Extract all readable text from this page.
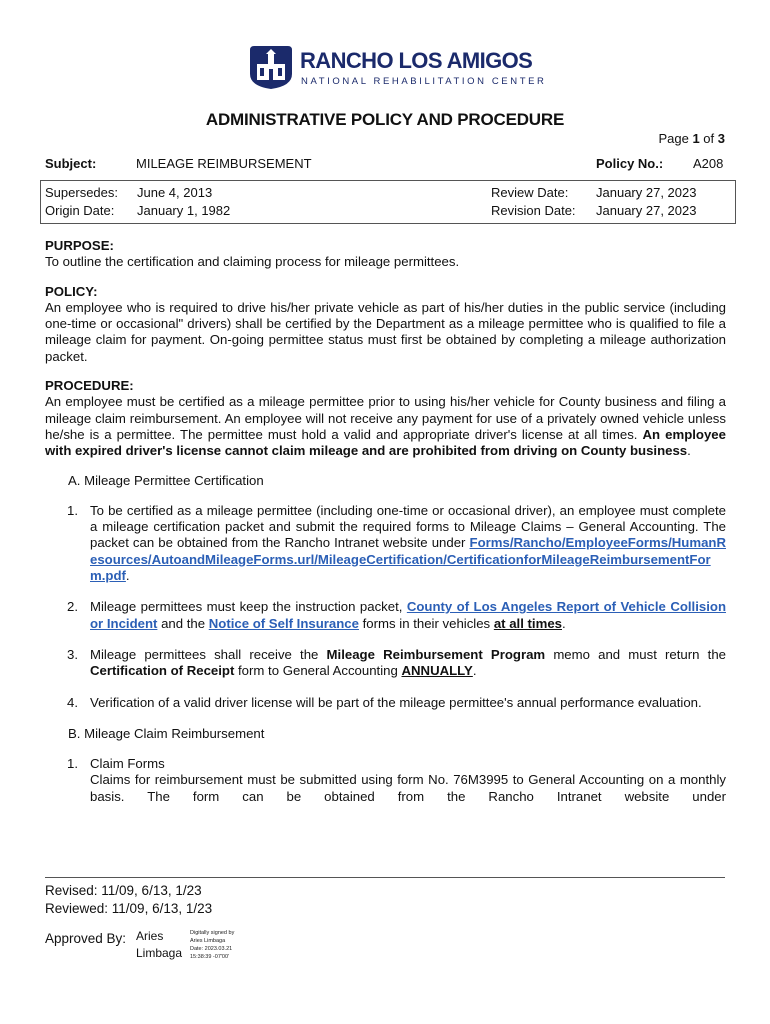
RANCHO LOS AMIGOS
NATIONAL REHABILITATION CENTER
ADMINISTRATIVE POLICY AND PROCEDURE
Page 1 of 3
Subject:	MILEAGE REIMBURSEMENT	Policy No.: A208
Supersedes: June 4, 2013
Origin Date: January 1, 1982
Review Date: January 27, 2023
Revision Date: January 27, 2023

PURPOSE:

To outline the certification and claiming process for mileage permittees.

POLICY:

An employee who is required to drive his/her private vehicle as part of his/her duties in the public service (including one-time or occasional" drivers) shall be certified by the Department as a mileage permittee who is qualified to file a mileage claim for payment. On-going permittee status must first be obtained by completing a mileage authorization packet.

PROCEDURE:

An employee must be certified as a mileage permittee prior to using his/her vehicle for County business and filing a mileage claim reimbursement. An employee will not receive any payment for use of a privately owned vehicle unless he/she is a permittee. The permittee must hold a valid and appropriate driver's license at all times. An employee with expired driver's license cannot claim mileage and are prohibited from driving on County business.

A. Mileage Permittee Certification

1. To be certified as a mileage permittee (including one-time or occasional driver), an employee must complete a mileage certification packet and submit the required forms to Mileage Claims – General Accounting. The packet can be obtained from the Rancho Intranet website under Forms/Rancho/EmployeeForms/HumanResources/AutoandMileageForms.url/MileageCertification/CertificationforMileageReimbursementForm.pdf.
2. Mileage permittees must keep the instruction packet, County of Los Angeles Report of Vehicle Collision or Incident and the Notice of Self Insurance forms in their vehicles at all times.
3. Mileage permittees shall receive the Mileage Reimbursement Program memo and must return the Certification of Receipt form to General Accounting ANNUALLY.
4. Verification of a valid driver license will be part of the mileage permittee's annual performance evaluation.

B. Mileage Claim Reimbursement

1. Claim Forms
Claims for reimbursement must be submitted using form No. 76M3995 to General Accounting on a monthly basis. The form can be obtained from the Rancho Intranet website under
Revised: 11/09, 6/13, 1/23
Reviewed: 11/09, 6/13, 1/23
Approved By: Aries
Limbaga
Digitally signed by
Aries Limbaga
Date: 2023.03.21
15:38:39 -07'00'
